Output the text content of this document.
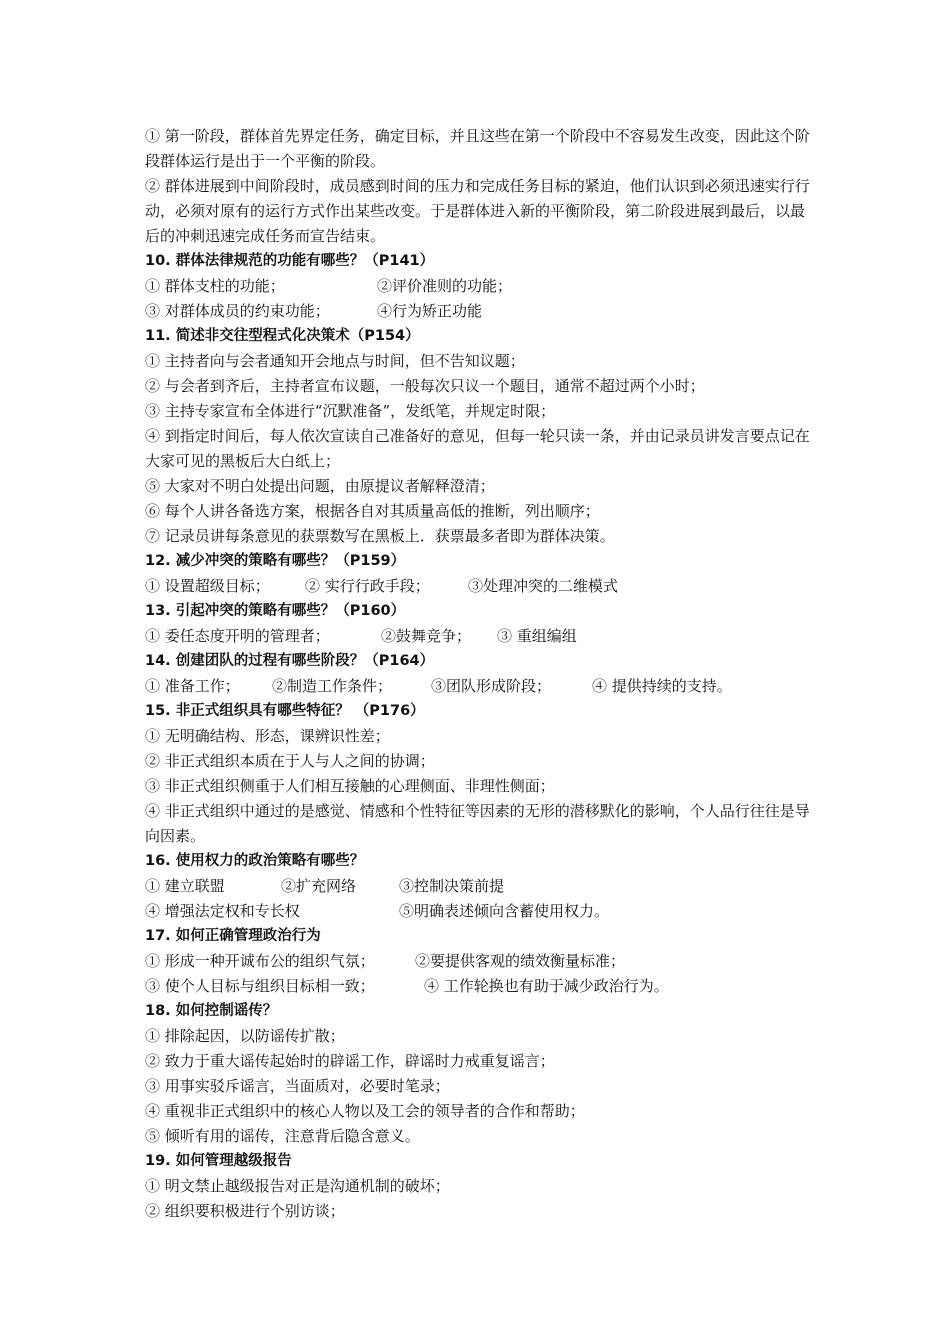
① 第一阶段，群体首先界定任务，确定目标，并且这些在第一个阶段中不容易发生改变，因此这个阶段群体运行是出于一个平衡的阶段。
② 群体进展到中间阶段时，成员感到时间的压力和完成任务目标的紧迫，他们认识到必须迅速实行行动，必须对原有的运行方式作出某些改变。于是群体进入新的平衡阶段，第二阶段进展到最后，以最后的冲刺迅速完成任务而宣告结束。
10. 群体法律规范的功能有哪些？（P141）
① 群体支柱的功能；	②评价准则的功能；
③ 对群体成员的约束功能；	④行为矫正功能
11. 简述非交往型程式化决策术（P154）
① 主持者向与会者通知开会地点与时间，但不告知议题；
② 与会者到齐后，主持者宣布议题，一般每次只议一个题目，通常不超过两个小时；
③ 主持专家宣布全体进行“沉默准备”，发纸笔，并规定时限；
④ 到指定时间后，每人依次宣读自己准备好的意见，但每一轮只读一条，并由记录员讲发言要点记在大家可见的黑板后大白纸上；
⑤ 大家对不明白处提出问题，由原提议者解释澄清；
⑥ 每个人讲各备选方案，根据各自对其质量高低的推断，列出顺序；
⑦ 记录员讲每条意见的获票数写在黑板上．获票最多者即为群体决策。
12. 减少冲突的策略有哪些？（P159）
① 设置超级目标；	② 实行行政手段；	③处理冲突的二维模式
13. 引起冲突的策略有哪些？（P160）
① 委任态度开明的管理者；	②鼓舞竞争；	③ 重组编组
14. 创建团队的过程有哪些阶段？（P164）
① 准备工作；	②制造工作条件；	③团队形成阶段；	④ 提供持续的支持。
15. 非正式组织具有哪些特征？ （P176）
① 无明确结构、形态，课辨识性差；
② 非正式组织本质在于人与人之间的协调；
③ 非正式组织侧重于人们相互接触的心理侧面、非理性侧面；
④ 非正式组织中通过的是感觉、情感和个性特征等因素的无形的潜移默化的影响，个人品行往往是导向因素。
16. 使用权力的政治策略有哪些？
① 建立联盟	②扩充网络	③控制决策前提
④ 增强法定权和专长权	⑤明确表述倾向含蓄使用权力。
17. 如何正确管理政治行为
① 形成一种开诚布公的组织气氛；	②要提供客观的绩效衡量标准；
③ 使个人目标与组织目标相一致；	④ 工作轮换也有助于减少政治行为。
18. 如何控制谣传？
① 排除起因，以防谣传扩散；
② 致力于重大谣传起始时的辟谣工作，辟谣时力戒重复谣言；
③ 用事实驳斥谣言，当面质对，必要时笔录；
④ 重视非正式组织中的核心人物以及工会的领导者的合作和帮助；
⑤ 倾听有用的谣传，注意背后隐含意义。
19. 如何管理越级报告
① 明文禁止越级报告对正是沟通机制的破坏；
② 组织要积极进行个别访谈；
